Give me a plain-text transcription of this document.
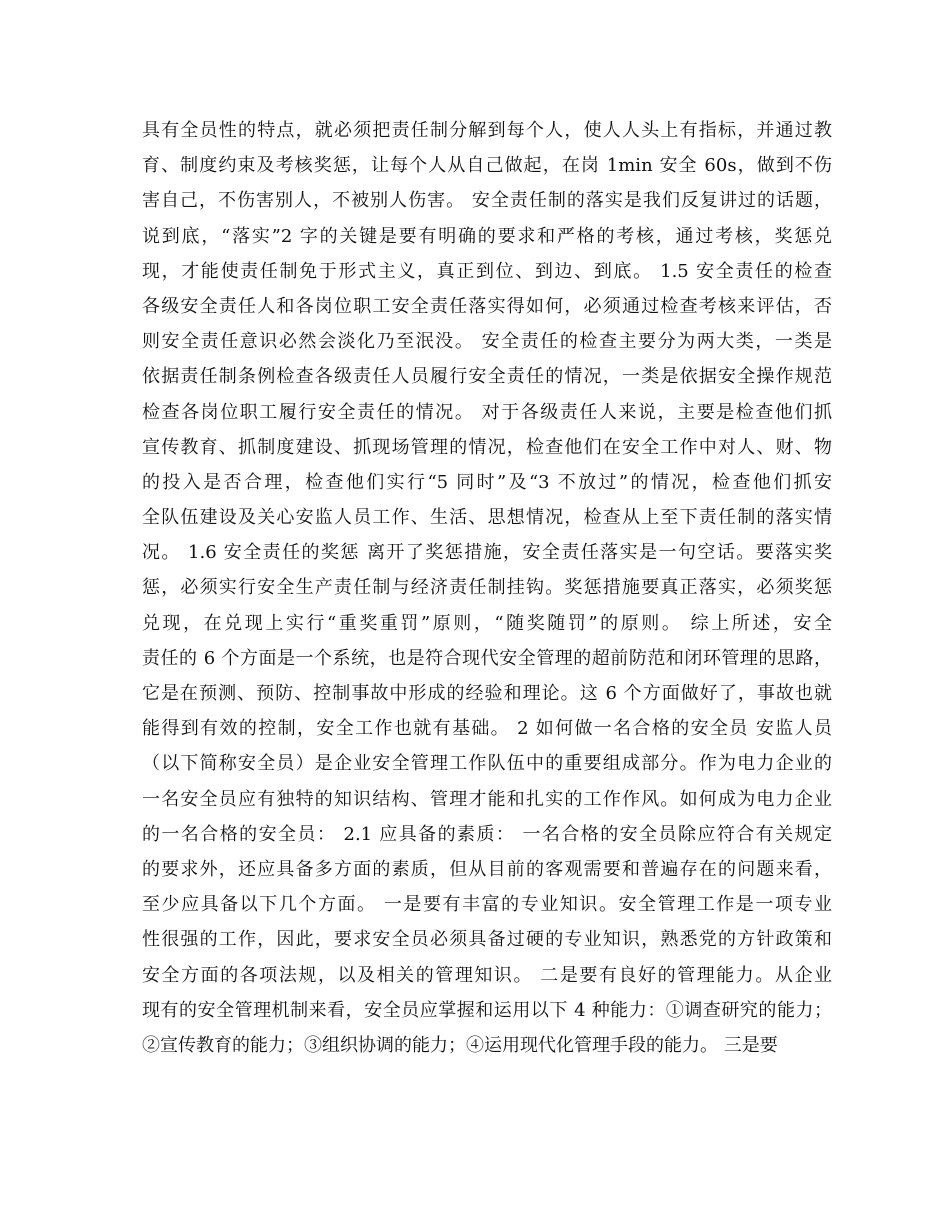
具有全员性的特点，就必须把责任制分解到每个人，使人人头上有指标，并通过教
育、制度约束及考核奖惩，让每个人从自己做起，在岗 1min 安全 60s，做到不伤
害自己，不伤害别人，不被别人伤害。 安全责任制的落实是我们反复讲过的话题，
说到底，“落实”2 字的关键是要有明确的要求和严格的考核，通过考核，奖惩兑
现，才能使责任制免于形式主义，真正到位、到边、到底。 1.5 安全责任的检查
各级安全责任人和各岗位职工安全责任落实得如何，必须通过检查考核来评估，否
则安全责任意识必然会淡化乃至泯没。 安全责任的检查主要分为两大类，一类是
依据责任制条例检查各级责任人员履行安全责任的情况，一类是依据安全操作规范
检查各岗位职工履行安全责任的情况。 对于各级责任人来说，主要是检查他们抓
宣传教育、抓制度建设、抓现场管理的情况，检查他们在安全工作中对人、财、物
的投入是否合理，检查他们实行“5 同时”及“3 不放过”的情况，检查他们抓安
全队伍建设及关心安监人员工作、生活、思想情况，检查从上至下责任制的落实情
况。 1.6 安全责任的奖惩 离开了奖惩措施，安全责任落实是一句空话。要落实奖
惩，必须实行安全生产责任制与经济责任制挂钩。奖惩措施要真正落实，必须奖惩
兑现，在兑现上实行“重奖重罚”原则，“随奖随罚”的原则。 综上所述，安全
责任的 6 个方面是一个系统，也是符合现代安全管理的超前防范和闭环管理的思路，
它是在预测、预防、控制事故中形成的经验和理论。这 6 个方面做好了，事故也就
能得到有效的控制，安全工作也就有基础。 2 如何做一名合格的安全员 安监人员
（以下简称安全员）是企业安全管理工作队伍中的重要组成部分。作为电力企业的
一名安全员应有独特的知识结构、管理才能和扎实的工作作风。如何成为电力企业
的一名合格的安全员： 2.1 应具备的素质： 一名合格的安全员除应符合有关规定
的要求外，还应具备多方面的素质，但从目前的客观需要和普遍存在的问题来看，
至少应具备以下几个方面。 一是要有丰富的专业知识。安全管理工作是一项专业
性很强的工作，因此，要求安全员必须具备过硬的专业知识，熟悉党的方针政策和
安全方面的各项法规，以及相关的管理知识。 二是要有良好的管理能力。从企业
现有的安全管理机制来看，安全员应掌握和运用以下 4 种能力：①调查研究的能力；
②宣传教育的能力；③组织协调的能力；④运用现代化管理手段的能力。 三是要
